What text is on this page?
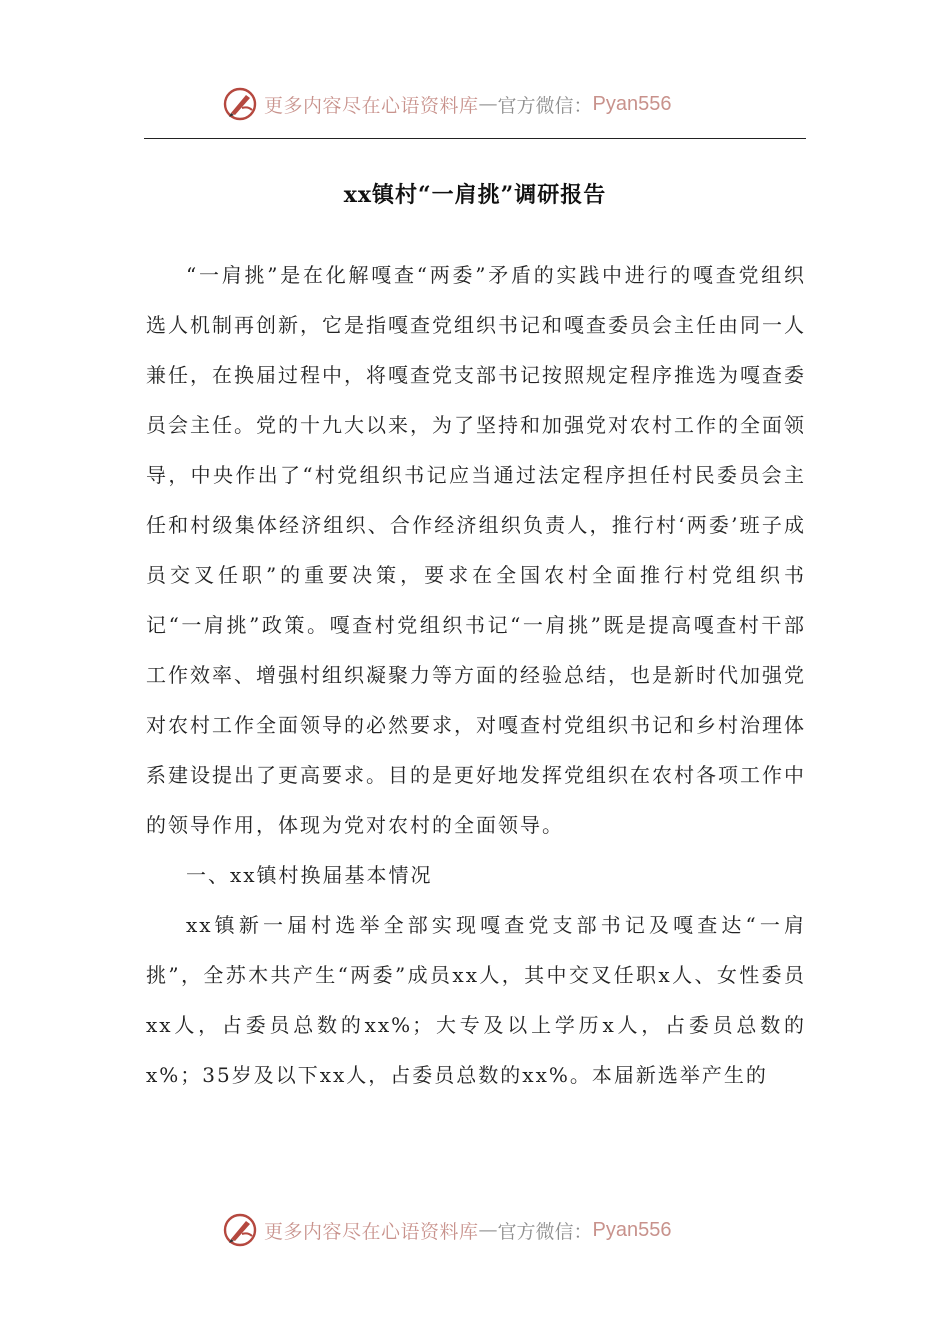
更多内容尽在心语资料库 — 官方微信： Pyan556
xx镇村“一肩挑”调研报告

“一肩挑”是在化解嘎查“两委”矛盾的实践中进行的嘎查党组织选人机制再创新，它是指嘎查党组织书记和嘎查委员会主任由同一人兼任，在换届过程中，将嘎查党支部书记按照规定程序推选为嘎查委员会主任。党的十九大以来，为了坚持和加强党对农村工作的全面领导，中央作出了“村党组织书记应当通过法定程序担任村民委员会主任和村级集体经济组织、合作经济组织负责人，推行村‘两委’班子成员交叉任职”的重要决策，要求在全国农村全面推行村党组织书记“一肩挑”政策。嘎查村党组织书记“一肩挑”既是提高嘎查村干部工作效率、增强村组织凝聚力等方面的经验总结，也是新时代加强党对农村工作全面领导的必然要求，对嘎查村党组织书记和乡村治理体系建设提出了更高要求。目的是更好地发挥党组织在农村各项工作中的领导作用，体现为党对农村的全面领导。

一、xx镇村换届基本情况

xx镇新一届村选举全部实现嘎查党支部书记及嘎查达“一肩挑”，全苏木共产生“两委”成员xx人，其中交叉任职x人、女性委员xx人，占委员总数的xx%；大专及以上学历x人，占委员总数的x%；35岁及以下xx人，占委员总数的xx%。本届新选举产生的

更多内容尽在心语资料库 — 官方微信： Pyan556
